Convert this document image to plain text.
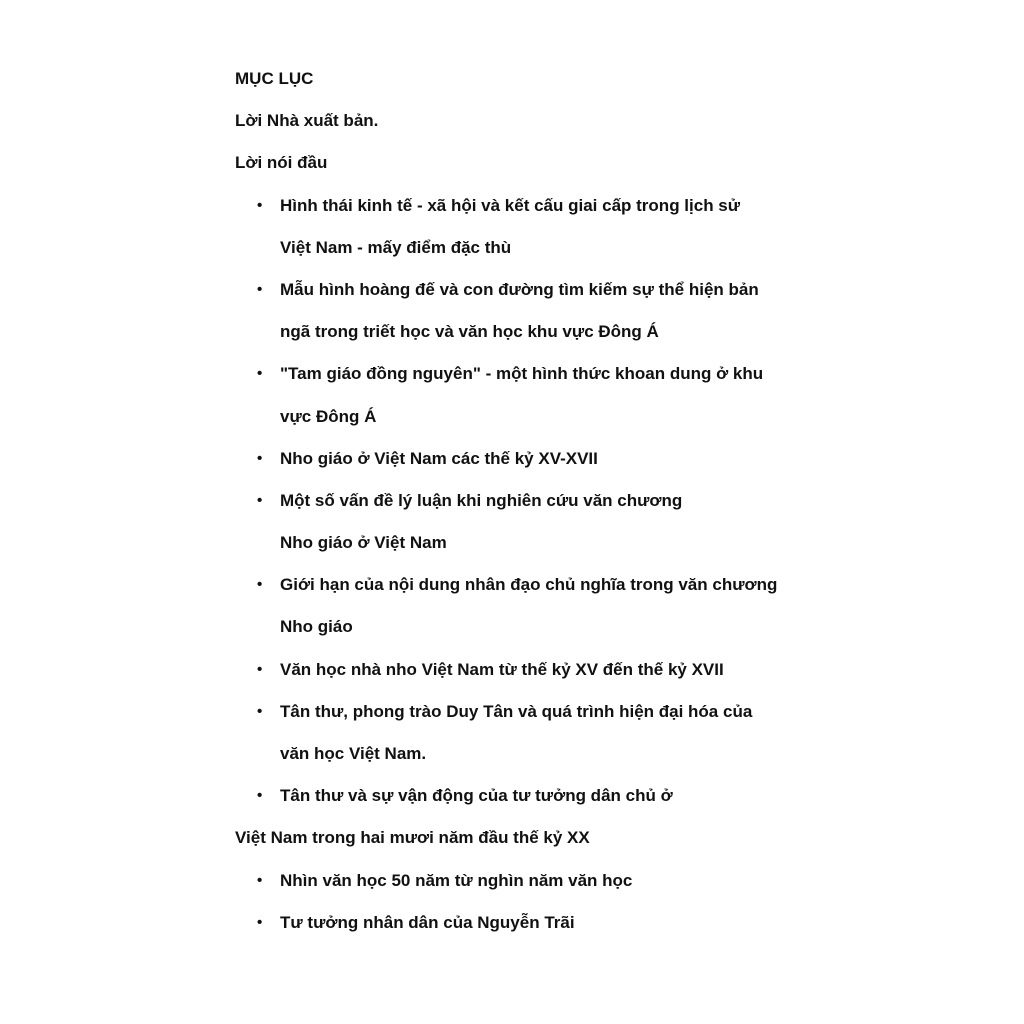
MỤC LỤC
Lời Nhà xuất bản.
Lời nói đầu
• Hình thái kinh tế - xã hội và kết cấu giai cấp trong lịch sử
Việt Nam - mấy điểm đặc thù
• Mẫu hình hoàng đế và con đường tìm kiếm sự thể hiện bản
ngã trong triết học và văn học khu vực Đông Á
• "Tam giáo đồng nguyên" - một hình thức khoan dung ở khu
vực Đông Á
• Nho giáo ở Việt Nam các thế kỷ XV-XVII
• Một số vấn đề lý luận khi nghiên cứu văn chương
Nho giáo ở Việt Nam
• Giới hạn của nội dung nhân đạo chủ nghĩa trong văn chương
Nho giáo
• Văn học nhà nho Việt Nam từ thế kỷ XV đến thế kỷ XVII
• Tân thư, phong trào Duy Tân và quá trình hiện đại hóa của
văn học Việt Nam.
• Tân thư và sự vận động của tư tưởng dân chủ ở
Việt Nam trong hai mươi năm đầu thế kỷ XX
• Nhìn văn học 50 năm từ nghìn năm văn học
• Tư tưởng nhân dân của Nguyễn Trãi
